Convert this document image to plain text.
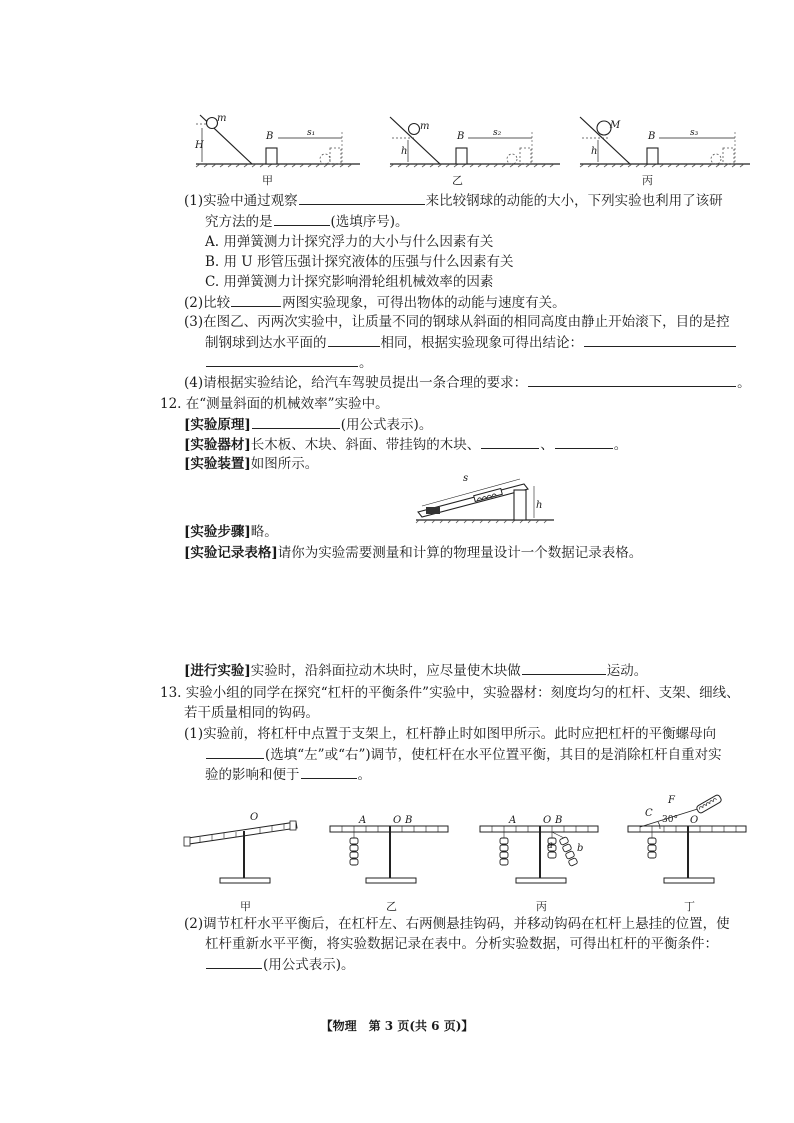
m
H
B	s₁
甲
m
h
B	s₂
乙
M
h
B	s₃
丙
(1)实验中通过观察	来比较钢球的动能的大小，下列实验也利用了该研
究方法的是	(选填序号)。
A. 用弹簧测力计探究浮力的大小与什么因素有关
B. 用 U 形管压强计探究液体的压强与什么因素有关
C. 用弹簧测力计探究影响滑轮组机械效率的因素
(2)比较	两图实验现象，可得出物体的动能与速度有关。
(3)在图乙、丙两次实验中，让质量不同的钢球从斜面的相同高度由静止开始滚下，目的是控
制钢球到达水平面的	相同，根据实验现象可得出结论：
。
(4)请根据实验结论，给汽车驾驶员提出一条合理的要求：	。
12. 在“测量斜面的机械效率”实验中。
[实验原理]	(用公式表示)。
[实验器材]长木板、木块、斜面、带挂钩的木块、	、	。
[实验装置]如图所示。
s
h
[实验步骤]略。
[实验记录表格]请你为实验需要测量和计算的物理量设计一个数据记录表格。
[进行实验]实验时，沿斜面拉动木块时，应尽量使木块做	运动。
13. 实验小组的同学在探究“杠杆的平衡条件”实验中，实验器材：刻度均匀的杠杆、支架、细线、
若干质量相同的钩码。
(1)实验前，将杠杆中点置于支架上，杠杆静止时如图甲所示。此时应把杠杆的平衡螺母向
(选填“左”或“右”)调节，使杠杆在水平位置平衡，其目的是消除杠杆自重对实
验的影响和便于	。
O	A	O B	A	O B
a b
C
F
30° O
甲	乙	丙	丁
(2)调节杠杆水平平衡后，在杠杆左、右两侧悬挂钩码，并移动钩码在杠杆上悬挂的位置，使
杠杆重新水平平衡，将实验数据记录在表中。分析实验数据，可得出杠杆的平衡条件：
(用公式表示)。
【物理　第 3 页(共 6 页)】
